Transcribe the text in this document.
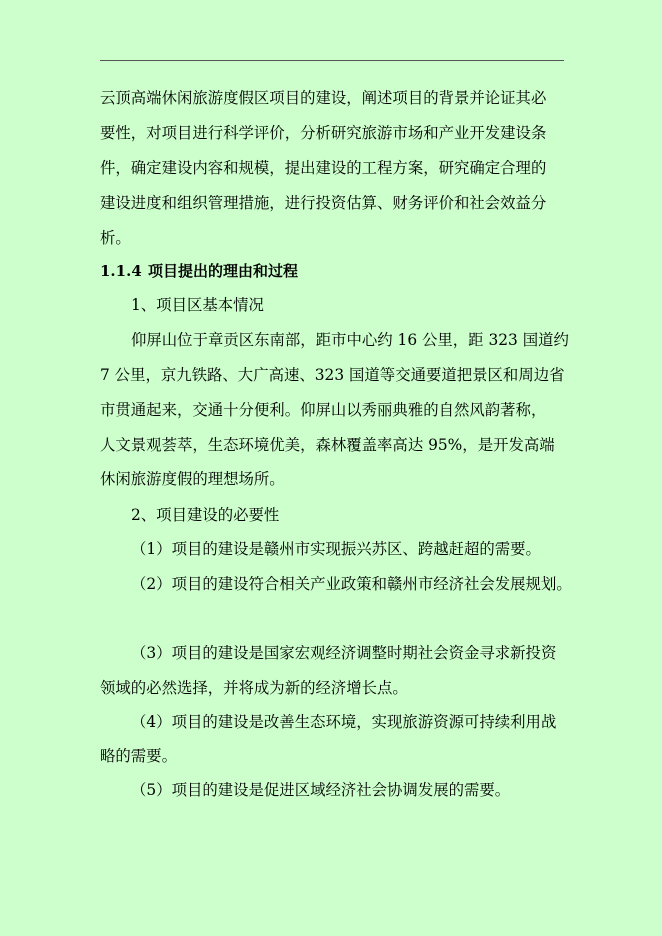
云顶高端休闲旅游度假区项目的建设，阐述项目的背景并论证其必
要性，对项目进行科学评价，分析研究旅游市场和产业开发建设条
件，确定建设内容和规模，提出建设的工程方案，研究确定合理的
建设进度和组织管理措施，进行投资估算、财务评价和社会效益分
析。
1.1.4 项目提出的理由和过程
1、项目区基本情况
仰屏山位于章贡区东南部，距市中心约 16 公里，距 323 国道约
7 公里，京九铁路、大广高速、323 国道等交通要道把景区和周边省
市贯通起来，交通十分便利。仰屏山以秀丽典雅的自然风韵著称，
人文景观荟萃，生态环境优美，森林覆盖率高达 95%，是开发高端
休闲旅游度假的理想场所。
2、项目建设的必要性
（1）项目的建设是赣州市实现振兴苏区、跨越赶超的需要。
（2）项目的建设符合相关产业政策和赣州市经济社会发展规划。
（3）项目的建设是国家宏观经济调整时期社会资金寻求新投资
领域的必然选择，并将成为新的经济增长点。
（4）项目的建设是改善生态环境，实现旅游资源可持续利用战
略的需要。
（5）项目的建设是促进区域经济社会协调发展的需要。
